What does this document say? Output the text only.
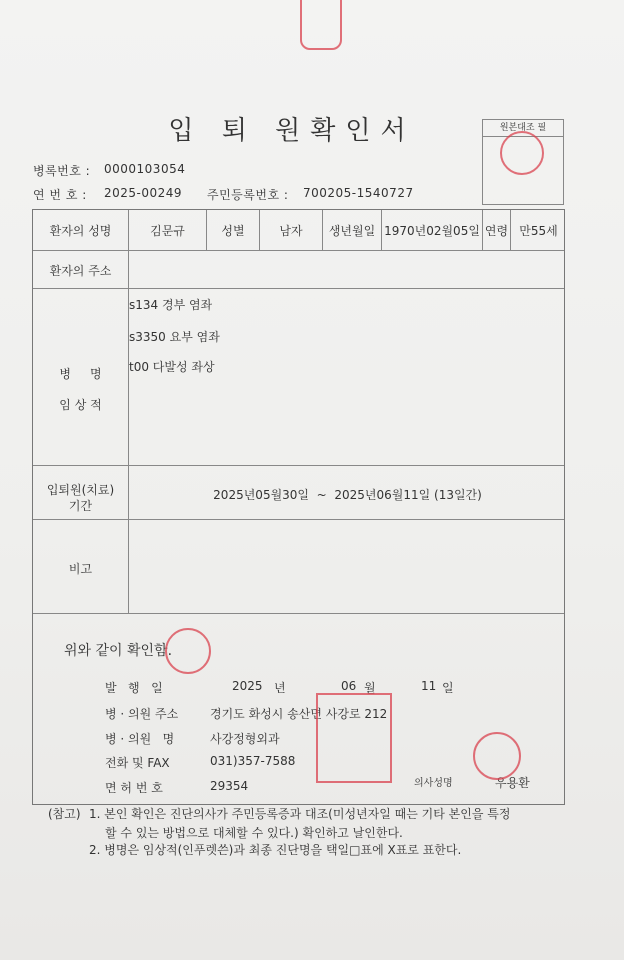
입 퇴 원확인서	원본대조 필
병록번호 : 0000103054
연 번 호 : 2025-00249 주민등록번호 : 700205-1540727
환자의 성명	김문규	성별	남자	생년월일 1970년02월05일 연령 만55세
환자의 주소
병     명
임 상 적
s134 경부 염좌
s3350 요부 염좌
t00 다발성 좌상
입퇴원(치료)
기간
2025년05월30일  ~  2025년06월11일 (13일간)
비고
위와 같이 확인함.
발   행   일	2025 년	06 월	11 일
병 · 의원 주소	경기도 화성시 송산면 사강로 212
병 · 의원   명	사강정형외과
전화 및 FAX	031)357-7588
면 허 번 호	29354	의사성명	우용환
(참고) 1. 본인 확인은 진단의사가 주민등록증과 대조(미성년자일 때는 기타 본인을 특정
할 수 있는 방법으로 대체할 수 있다.) 확인하고 날인한다.
2. 병명은 임상적(인푸렛쓴)과 최종 진단명을 택일□표에 X표로 표한다.
